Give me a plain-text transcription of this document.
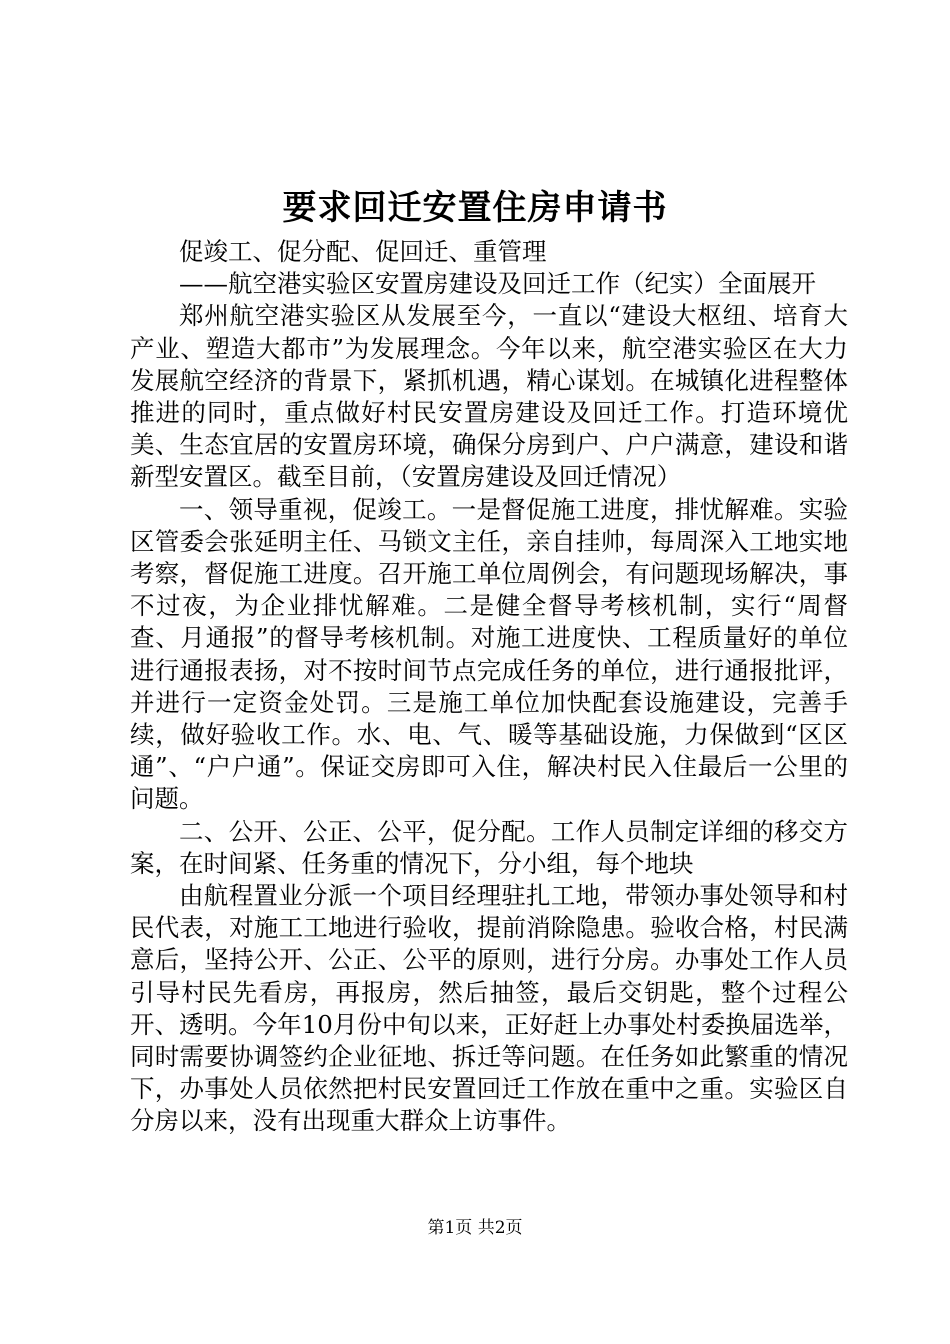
要求回迁安置住房申请书

促竣工、促分配、促回迁、重管理

——航空港实验区安置房建设及回迁工作（纪实）全面展开

郑州航空港实验区从发展至今，一直以“建设大枢纽、培育大产业、塑造大都市”为发展理念。今年以来，航空港实验区在大力发展航空经济的背景下，紧抓机遇，精心谋划。在城镇化进程整体推进的同时，重点做好村民安置房建设及回迁工作。打造环境优美、生态宜居的安置房环境，确保分房到户、户户满意，建设和谐新型安置区。截至目前，（安置房建设及回迁情况）

一、领导重视，促竣工。一是督促施工进度，排忧解难。实验区管委会张延明主任、马锁文主任，亲自挂帅，每周深入工地实地考察，督促施工进度。召开施工单位周例会，有问题现场解决，事不过夜，为企业排忧解难。二是健全督导考核机制，实行“周督查、月通报”的督导考核机制。对施工进度快、工程质量好的单位进行通报表扬，对不按时间节点完成任务的单位，进行通报批评，并进行一定资金处罚。三是施工单位加快配套设施建设，完善手续，做好验收工作。水、电、气、暖等基础设施，力保做到“区区通”、“户户通”。保证交房即可入住，解决村民入住最后一公里的问题。

二、公开、公正、公平，促分配。工作人员制定详细的移交方案，在时间紧、任务重的情况下，分小组，每个地块

由航程置业分派一个项目经理驻扎工地，带领办事处领导和村民代表，对施工工地进行验收，提前消除隐患。验收合格，村民满意后，坚持公开、公正、公平的原则，进行分房。办事处工作人员引导村民先看房，再报房，然后抽签，最后交钥匙，整个过程公开、透明。今年10月份中旬以来，正好赶上办事处村委换届选举，同时需要协调签约企业征地、拆迁等问题。在任务如此繁重的情况下，办事处人员依然把村民安置回迁工作放在重中之重。实验区自分房以来，没有出现重大群众上访事件。

第1页 共2页
